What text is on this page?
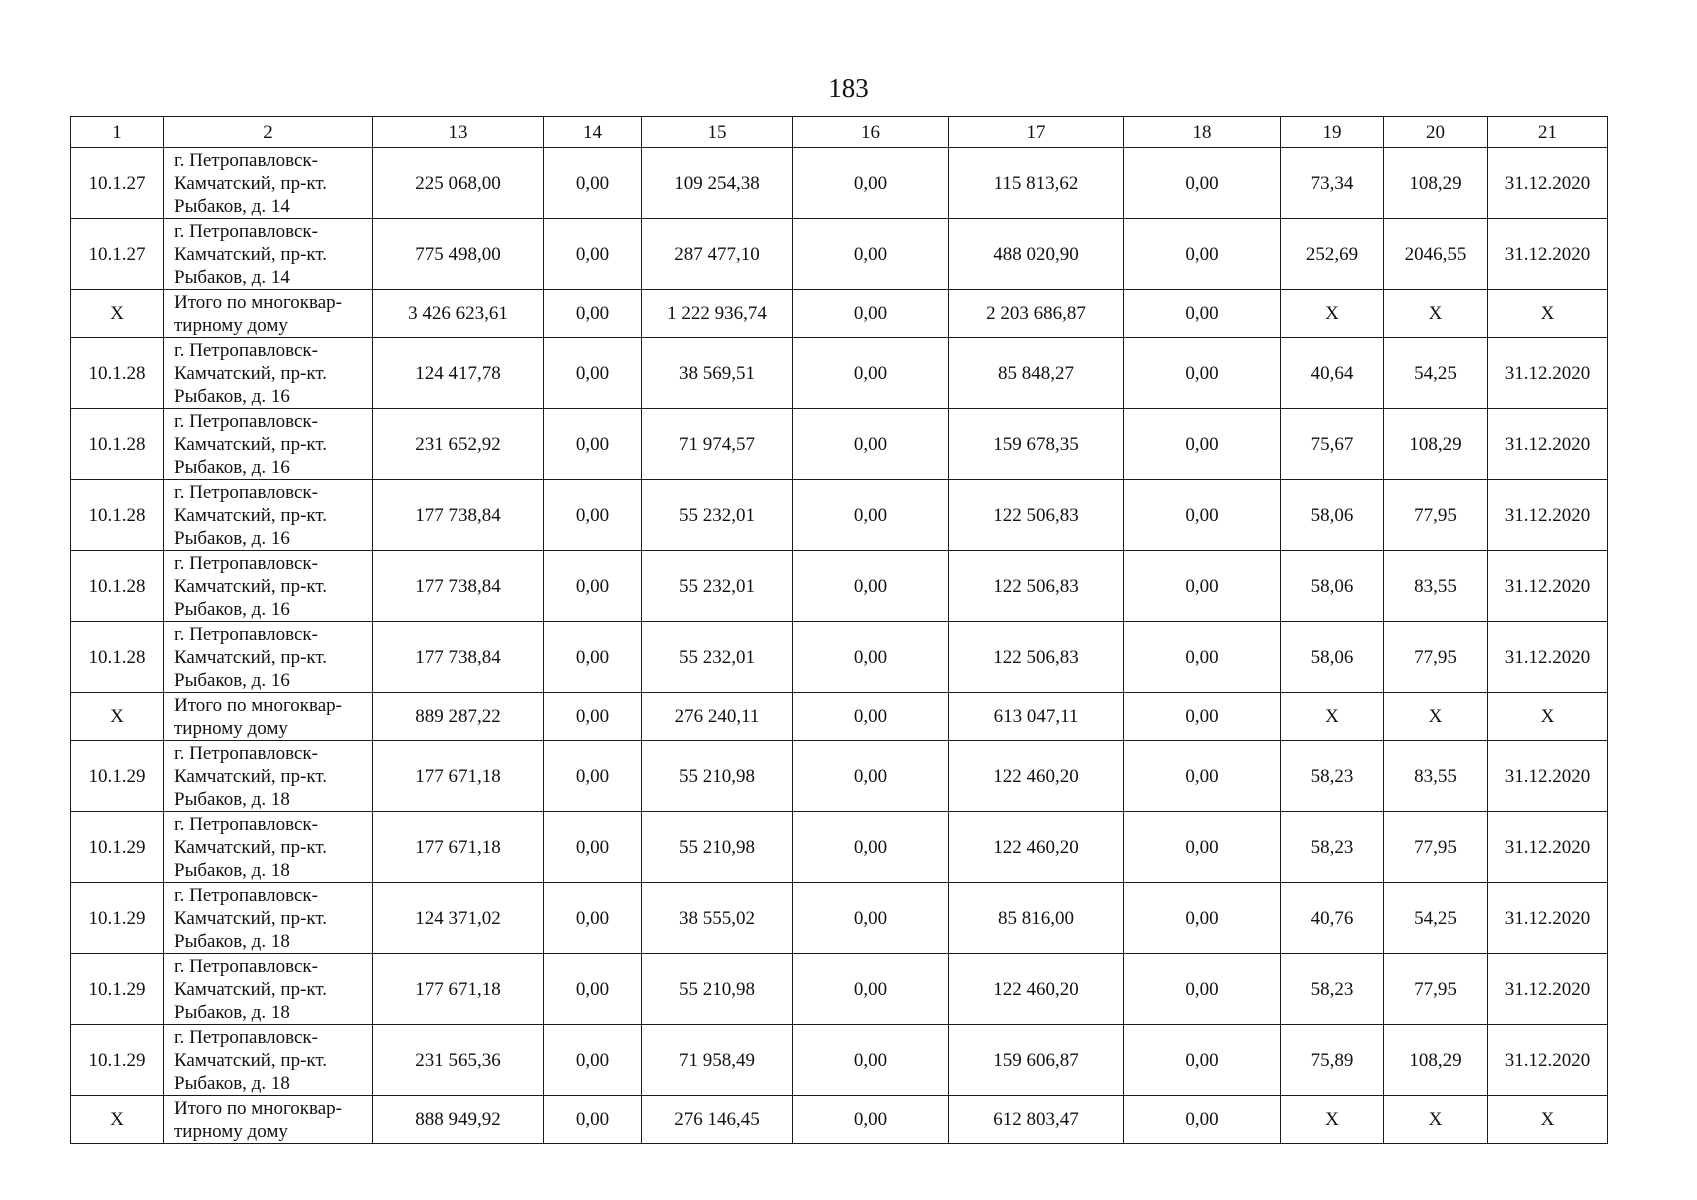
183
1	2	13	14	15	16	17	18	19	20	21
10.1.27	г. Петропавловск-
Камчатский, пр-кт.
Рыбаков, д. 14	225 068,00	0,00	109 254,38	0,00	115 813,62	0,00	73,34	108,29	31.12.2020
10.1.27	г. Петропавловск-
Камчатский, пр-кт.
Рыбаков, д. 14	775 498,00	0,00	287 477,10	0,00	488 020,90	0,00	252,69	2046,55	31.12.2020
X	Итого по многоквар-
тирному дому	3 426 623,61	0,00	1 222 936,74	0,00	2 203 686,87	0,00	X	X	X
10.1.28	г. Петропавловск-
Камчатский, пр-кт.
Рыбаков, д. 16	124 417,78	0,00	38 569,51	0,00	85 848,27	0,00	40,64	54,25	31.12.2020
10.1.28	г. Петропавловск-
Камчатский, пр-кт.
Рыбаков, д. 16	231 652,92	0,00	71 974,57	0,00	159 678,35	0,00	75,67	108,29	31.12.2020
10.1.28	г. Петропавловск-
Камчатский, пр-кт.
Рыбаков, д. 16	177 738,84	0,00	55 232,01	0,00	122 506,83	0,00	58,06	77,95	31.12.2020
10.1.28	г. Петропавловск-
Камчатский, пр-кт.
Рыбаков, д. 16	177 738,84	0,00	55 232,01	0,00	122 506,83	0,00	58,06	83,55	31.12.2020
10.1.28	г. Петропавловск-
Камчатский, пр-кт.
Рыбаков, д. 16	177 738,84	0,00	55 232,01	0,00	122 506,83	0,00	58,06	77,95	31.12.2020
X	Итого по многоквар-
тирному дому	889 287,22	0,00	276 240,11	0,00	613 047,11	0,00	X	X	X
10.1.29	г. Петропавловск-
Камчатский, пр-кт.
Рыбаков, д. 18	177 671,18	0,00	55 210,98	0,00	122 460,20	0,00	58,23	83,55	31.12.2020
10.1.29	г. Петропавловск-
Камчатский, пр-кт.
Рыбаков, д. 18	177 671,18	0,00	55 210,98	0,00	122 460,20	0,00	58,23	77,95	31.12.2020
10.1.29	г. Петропавловск-
Камчатский, пр-кт.
Рыбаков, д. 18	124 371,02	0,00	38 555,02	0,00	85 816,00	0,00	40,76	54,25	31.12.2020
10.1.29	г. Петропавловск-
Камчатский, пр-кт.
Рыбаков, д. 18	177 671,18	0,00	55 210,98	0,00	122 460,20	0,00	58,23	77,95	31.12.2020
10.1.29	г. Петропавловск-
Камчатский, пр-кт.
Рыбаков, д. 18	231 565,36	0,00	71 958,49	0,00	159 606,87	0,00	75,89	108,29	31.12.2020
X	Итого по многоквар-
тирному дому	888 949,92	0,00	276 146,45	0,00	612 803,47	0,00	X	X	X
